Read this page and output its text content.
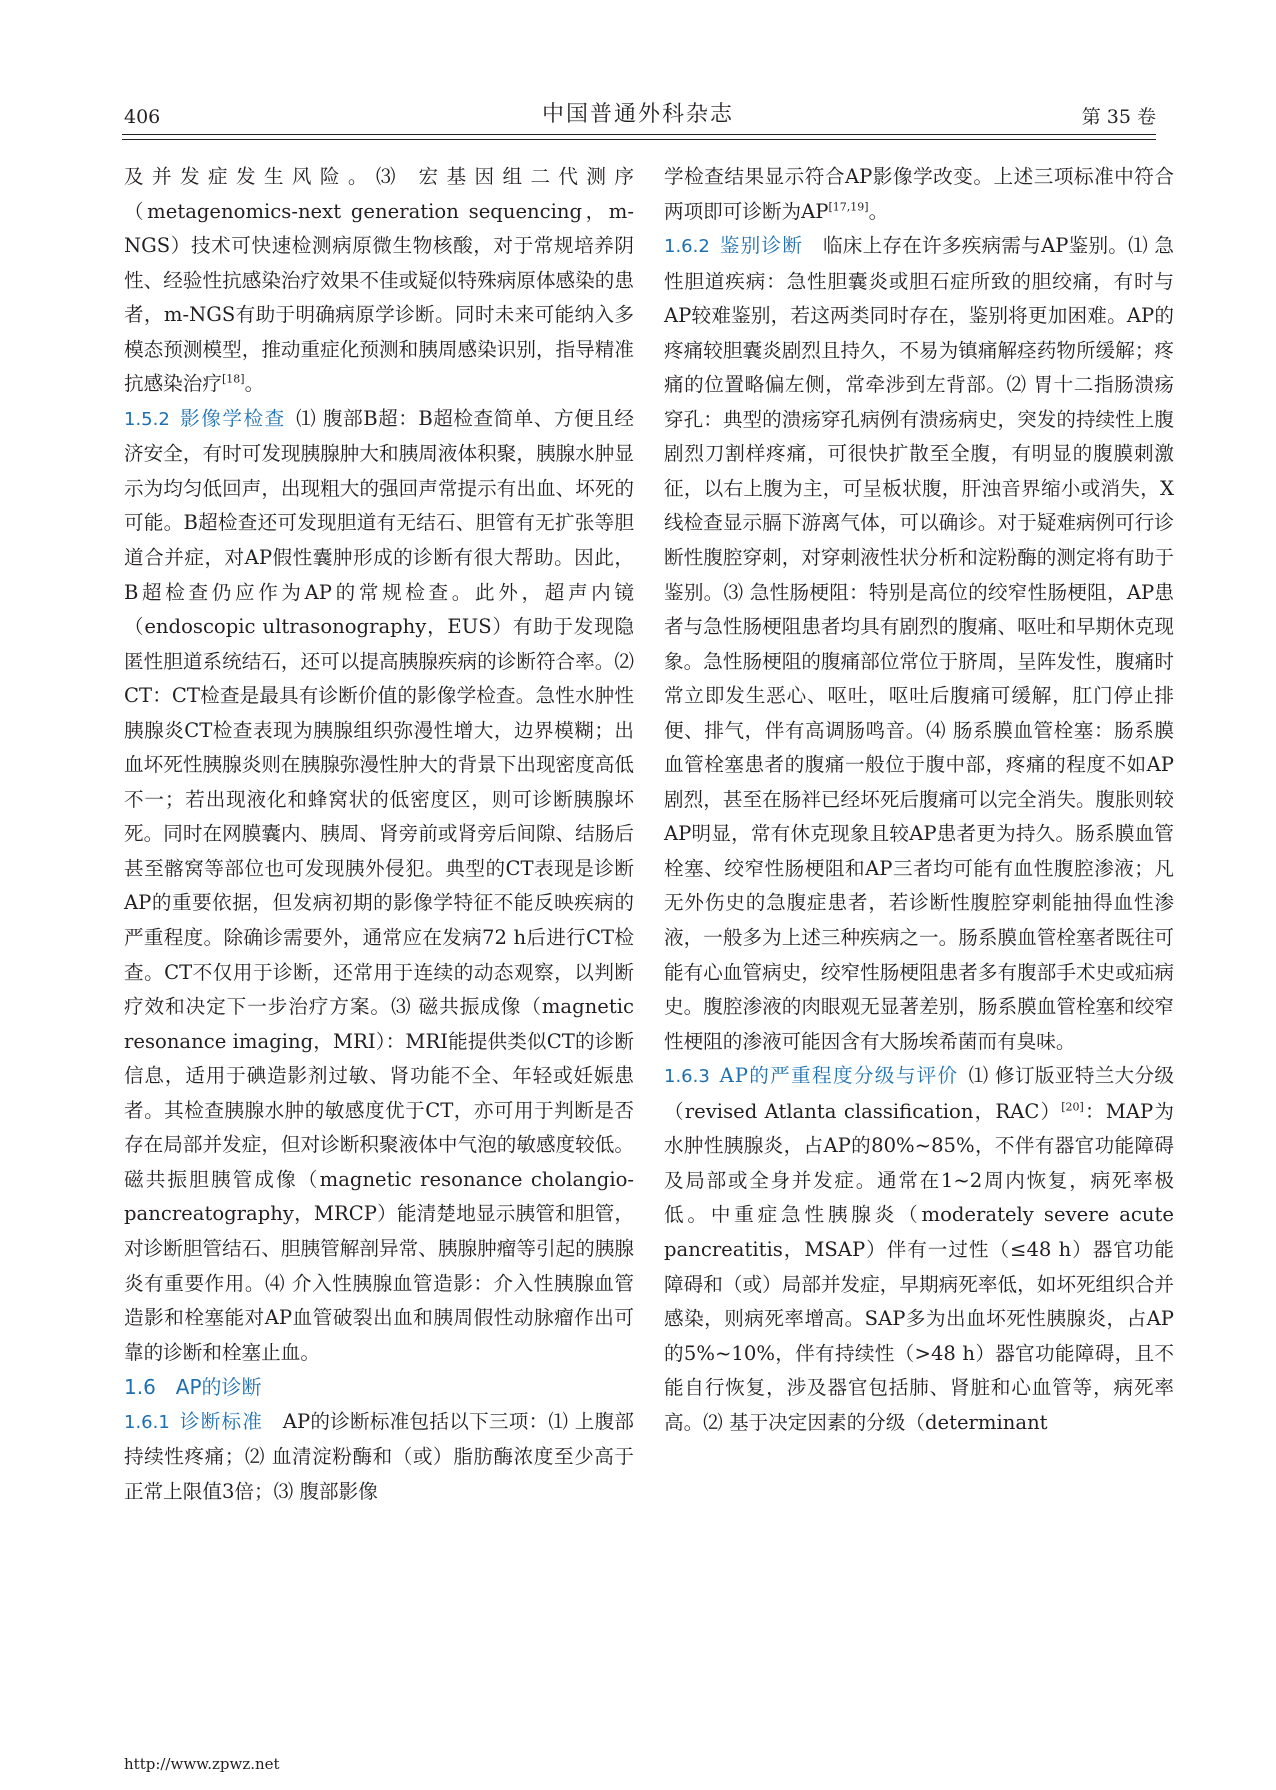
406	中国普通外科杂志	第 35 卷

及并发症发生风险。⑶ 宏基因组二代测序（metagenomics-next generation sequencing，m-NGS）技术可快速检测病原微生物核酸，对于常规培养阴性、经验性抗感染治疗效果不佳或疑似特殊病原体感染的患者，m-NGS有助于明确病原学诊断。同时未来可能纳入多模态预测模型，推动重症化预测和胰周感染识别，指导精准抗感染治疗[18]。

1.5.2  影像学检查  ⑴ 腹部B超：B超检查简单、方便且经济安全，有时可发现胰腺肿大和胰周液体积聚，胰腺水肿显示为均匀低回声，出现粗大的强回声常提示有出血、坏死的可能。B超检查还可发现胆道有无结石、胆管有无扩张等胆道合并症，对AP假性囊肿形成的诊断有很大帮助。因此，B超检查仍应作为AP的常规检查。此外，超声内镜（endoscopic ultrasonography，EUS）有助于发现隐匿性胆道系统结石，还可以提高胰腺疾病的诊断符合率。⑵ CT：CT检查是最具有诊断价值的影像学检查。急性水肿性胰腺炎CT检查表现为胰腺组织弥漫性增大，边界模糊；出血坏死性胰腺炎则在胰腺弥漫性肿大的背景下出现密度高低不一；若出现液化和蜂窝状的低密度区，则可诊断胰腺坏死。同时在网膜囊内、胰周、肾旁前或肾旁后间隙、结肠后甚至髂窝等部位也可发现胰外侵犯。典型的CT表现是诊断AP的重要依据，但发病初期的影像学特征不能反映疾病的严重程度。除确诊需要外，通常应在发病72 h后进行CT检查。CT不仅用于诊断，还常用于连续的动态观察，以判断疗效和决定下一步治疗方案。⑶ 磁共振成像（magnetic resonance imaging，MRI）：MRI能提供类似CT的诊断信息，适用于碘造影剂过敏、肾功能不全、年轻或妊娠患者。其检查胰腺水肿的敏感度优于CT，亦可用于判断是否存在局部并发症，但对诊断积聚液体中气泡的敏感度较低。磁共振胆胰管成像（magnetic resonance cholangio-pancreatography，MRCP）能清楚地显示胰管和胆管，对诊断胆管结石、胆胰管解剖异常、胰腺肿瘤等引起的胰腺炎有重要作用。⑷ 介入性胰腺血管造影：介入性胰腺血管造影和栓塞能对AP血管破裂出血和胰周假性动脉瘤作出可靠的诊断和栓塞止血。

1.6　AP的诊断

1.6.1  诊断标准   AP的诊断标准包括以下三项：⑴ 上腹部持续性疼痛；⑵ 血清淀粉酶和（或）脂肪酶浓度至少高于正常上限值3倍；⑶ 腹部影像

学检查结果显示符合AP影像学改变。上述三项标准中符合两项即可诊断为AP[17,19]。

1.6.2  鉴别诊断   临床上存在许多疾病需与AP鉴别。⑴ 急性胆道疾病：急性胆囊炎或胆石症所致的胆绞痛，有时与AP较难鉴别，若这两类同时存在，鉴别将更加困难。AP的疼痛较胆囊炎剧烈且持久，不易为镇痛解痉药物所缓解；疼痛的位置略偏左侧，常牵涉到左背部。⑵ 胃十二指肠溃疡穿孔：典型的溃疡穿孔病例有溃疡病史，突发的持续性上腹剧烈刀割样疼痛，可很快扩散至全腹，有明显的腹膜刺激征，以右上腹为主，可呈板状腹，肝浊音界缩小或消失，X线检查显示膈下游离气体，可以确诊。对于疑难病例可行诊断性腹腔穿刺，对穿刺液性状分析和淀粉酶的测定将有助于鉴别。⑶ 急性肠梗阻：特别是高位的绞窄性肠梗阻，AP患者与急性肠梗阻患者均具有剧烈的腹痛、呕吐和早期休克现象。急性肠梗阻的腹痛部位常位于脐周，呈阵发性，腹痛时常立即发生恶心、呕吐，呕吐后腹痛可缓解，肛门停止排便、排气，伴有高调肠鸣音。⑷ 肠系膜血管栓塞：肠系膜血管栓塞患者的腹痛一般位于腹中部，疼痛的程度不如AP剧烈，甚至在肠袢已经坏死后腹痛可以完全消失。腹胀则较AP明显，常有休克现象且较AP患者更为持久。肠系膜血管栓塞、绞窄性肠梗阻和AP三者均可能有血性腹腔渗液；凡无外伤史的急腹症患者，若诊断性腹腔穿刺能抽得血性渗液，一般多为上述三种疾病之一。肠系膜血管栓塞者既往可能有心血管病史，绞窄性肠梗阻患者多有腹部手术史或疝病史。腹腔渗液的肉眼观无显著差别，肠系膜血管栓塞和绞窄性梗阻的渗液可能因含有大肠埃希菌而有臭味。

1.6.3  AP的严重程度分级与评价  ⑴ 修订版亚特兰大分级（revised Atlanta classification，RAC）[20]：MAP为水肿性胰腺炎，占AP的80%~85%，不伴有器官功能障碍及局部或全身并发症。通常在1~2周内恢复，病死率极低。中重症急性胰腺炎（moderately severe acute pancreatitis，MSAP）伴有一过性（≤48 h）器官功能障碍和（或）局部并发症，早期病死率低，如坏死组织合并感染，则病死率增高。SAP多为出血坏死性胰腺炎，占AP的5%~10%，伴有持续性（>48 h）器官功能障碍，且不能自行恢复，涉及器官包括肺、肾脏和心血管等，病死率高。⑵ 基于决定因素的分级（determinant

http://www.zpwz.net
